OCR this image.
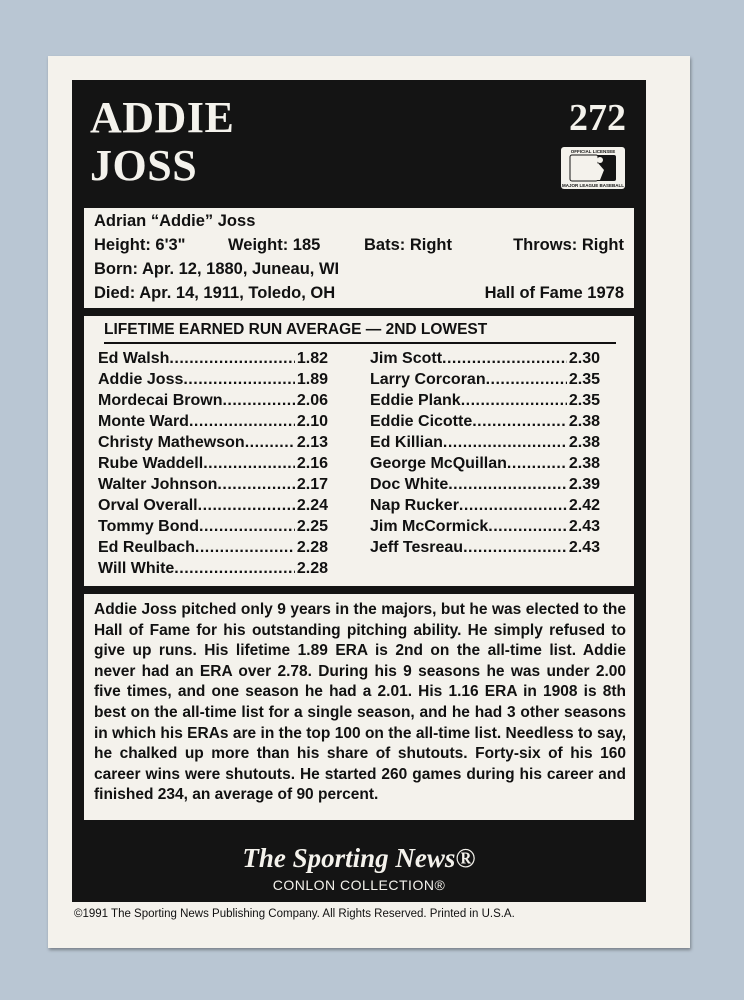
ADDIE
JOSS
272
OFFICIAL LICENSEE
MAJOR LEAGUE BASEBALL
Adrian “Addie” Joss
Height: 6'3"	Weight: 185	Bats: Right	Throws: Right
Born: Apr. 12, 1880, Juneau, WI
Died: Apr. 14, 1911, Toledo, OH	Hall of Fame 1978
LIFETIME EARNED RUN AVERAGE — 2ND LOWEST
Ed Walsh .....	1.82
Addie Joss .....	1.89
Mordecai Brown .....	2.06
Monte Ward .....	2.10
Christy Mathewson .....	2.13
Rube Waddell .....	2.16
Walter Johnson .....	2.17
Orval Overall .....	2.24
Tommy Bond .....	2.25
Ed Reulbach .....	2.28
Will White .....	2.28
Jim Scott .....	2.30
Larry Corcoran .....	2.35
Eddie Plank .....	2.35
Eddie Cicotte .....	2.38
Ed Killian .....	2.38
George McQuillan .....	2.38
Doc White .....	2.39
Nap Rucker .....	2.42
Jim McCormick .....	2.43
Jeff Tesreau .....	2.43

Addie Joss pitched only 9 years in the majors, but he was elected to the Hall of Fame for his outstanding pitching ability. He simply refused to give up runs. His lifetime 1.89 ERA is 2nd on the all-time list. Addie never had an ERA over 2.78. During his 9 seasons he was under 2.00 five times, and one season he had a 2.01. His 1.16 ERA in 1908 is 8th best on the all-time list for a single season, and he had 3 other seasons in which his ERAs are in the top 100 on the all-time list. Needless to say, he chalked up more than his share of shutouts. Forty-six of his 160 career wins were shutouts. He started 260 games during his career and finished 234, an average of 90 percent.

The Sporting News®
CONLON COLLECTION®
©1991 The Sporting News Publishing Company. All Rights Reserved. Printed in U.S.A.
